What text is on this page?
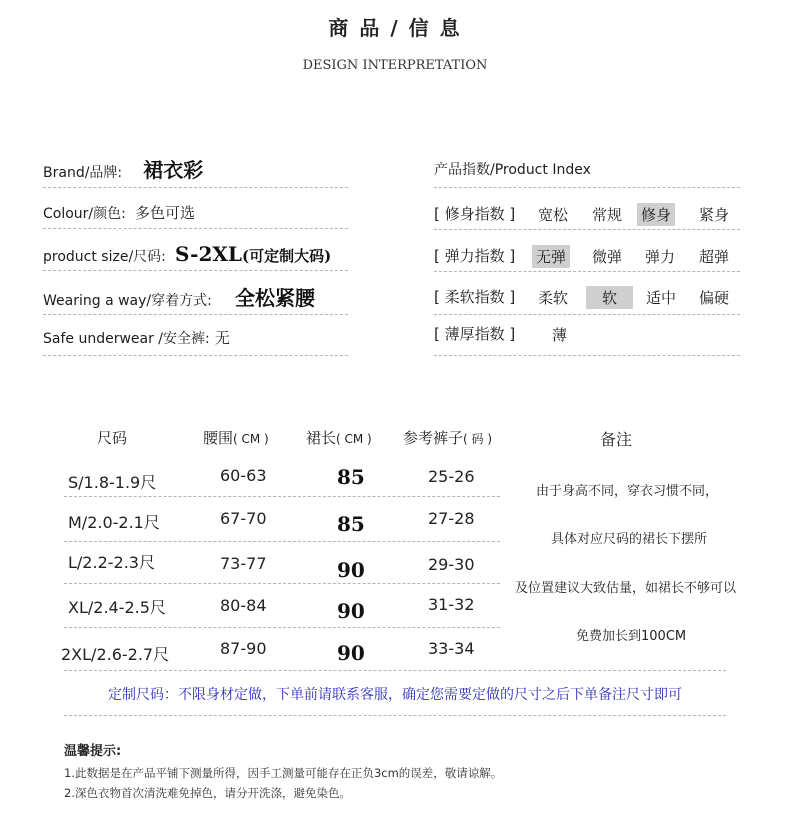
商 品 / 信 息
DESIGN INTERPRETATION
Brand/品牌: 裙衣彩
Colour/颜色: 多色可选
product size/尺码: S-2XL(可定制大码)
Wearing a way/穿着方式: 全松紧腰
Safe underwear /安全裤: 无
产品指数/Product Index
[ 修身指数 ] 宽松 常规 修身 紧身
[ 弹力指数 ] 无弹 微弹 弹力 超弹
[ 柔软指数 ] 柔软	软	适中 偏硬
[ 薄厚指数 ] 薄
尺码	腰围( CM ) 裙长( CM ) 参考裤子( 码 )	备注
S/1.8-1.9尺	60-63	85	25-26
M/2.0-2.1尺	67-70	85	27-28
L/2.2-2.3尺	73-77	90	29-30
XL/2.4-2.5尺	80-84	90	31-32
2XL/2.6-2.7尺	87-90	90	33-34
由于身高不同，穿衣习惯不同，
具体对应尺码的裙长下摆所
及位置建议大致估量，如裙长不够可以
免费加长到100CM
定制尺码：不限身材定做，下单前请联系客服，确定您需要定做的尺寸之后下单备注尺寸即可
温馨提示:
1.此数据是在产品平铺下测量所得，因手工测量可能存在正负3cm的误差，敬请谅解。
2.深色衣物首次清洗难免掉色，请分开洗涤，避免染色。
